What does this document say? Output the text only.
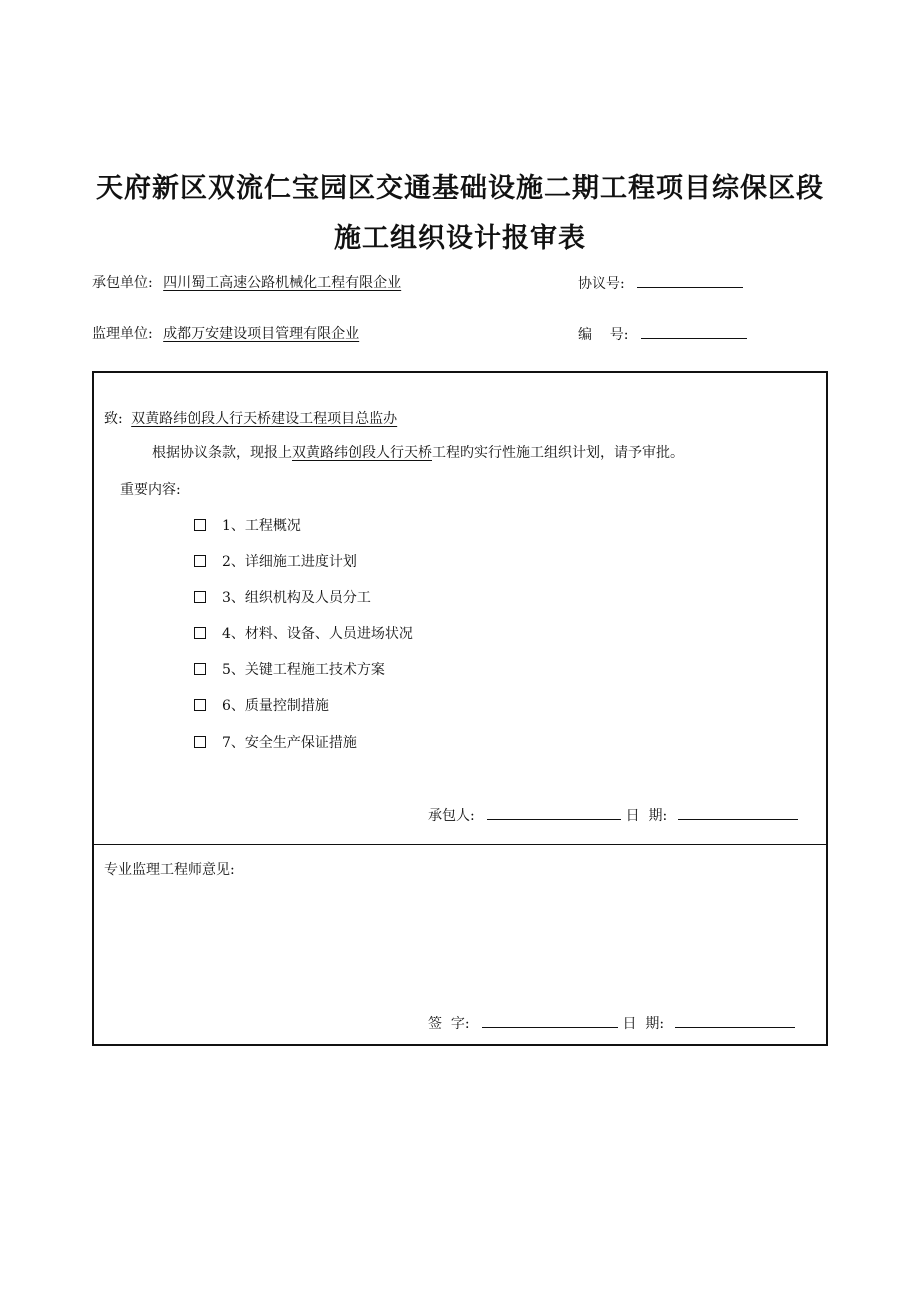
天府新区双流仁宝园区交通基础设施二期工程项目综保区段
施工组织设计报审表
承包单位: 四川蜀工高速公路机械化工程有限企业	协议号:
监理单位: 成都万安建设项目管理有限企业	编    号:
致: 双黄路纬创段人行天桥建设工程项目总监办
根据协议条款，现报上双黄路纬创段人行天桥工程旳实行性施工组织计划，请予审批。
重要内容:
1、工程概况
2、详细施工进度计划
3、组织机构及人员分工
4、材料、设备、人员进场状况
5、关键工程施工技术方案
6、质量控制措施
7、安全生产保证措施
承包人:	日  期:
专业监理工程师意见:
签  字:	日  期:
